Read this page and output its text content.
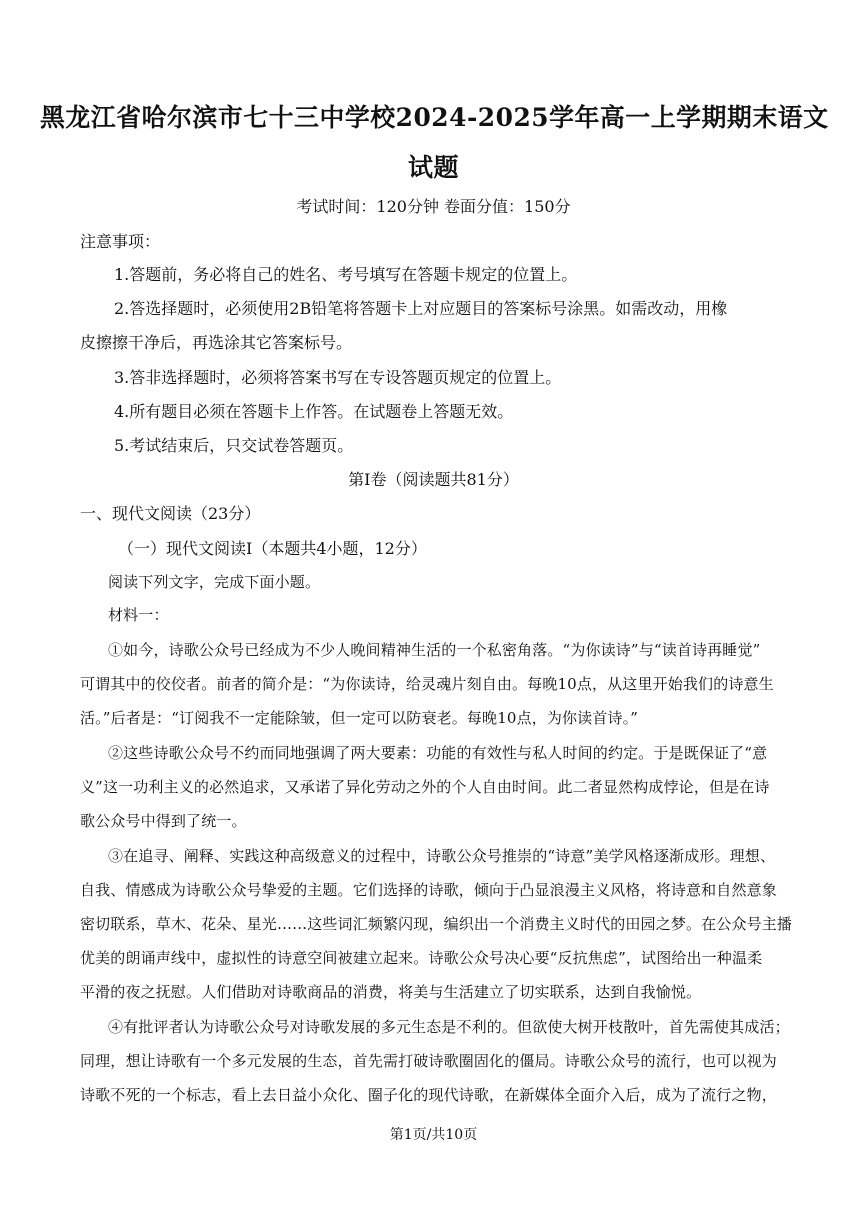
黑龙江省哈尔滨市七十三中学校2024-2025学年高一上学期期末语文
试题
考试时间：120分钟 卷面分值：150分
注意事项：
1.答题前，务必将自己的姓名、考号填写在答题卡规定的位置上。
2.答选择题时，必须使用2B铅笔将答题卡上对应题目的答案标号涂黑。如需改动，用橡
皮擦擦干净后，再选涂其它答案标号。
3.答非选择题时，必须将答案书写在专设答题页规定的位置上。
4.所有题目必须在答题卡上作答。在试题卷上答题无效。
5.考试结束后，只交试卷答题页。
第Ⅰ卷（阅读题共81分）
一、现代文阅读（23分）
（一）现代文阅读Ⅰ（本题共4小题，12分）
阅读下列文字，完成下面小题。
材料一：
①如今，诗歌公众号已经成为不少人晚间精神生活的一个私密角落。“为你读诗”与“读首诗再睡觉”
可谓其中的佼佼者。前者的简介是：“为你读诗，给灵魂片刻自由。每晚10点，从这里开始我们的诗意生
活。”后者是：“订阅我不一定能除皱，但一定可以防衰老。每晚10点，为你读首诗。”
②这些诗歌公众号不约而同地强调了两大要素：功能的有效性与私人时间的约定。于是既保证了“意
义”这一功利主义的必然追求，又承诺了异化劳动之外的个人自由时间。此二者显然构成悖论，但是在诗
歌公众号中得到了统一。
③在追寻、阐释、实践这种高级意义的过程中，诗歌公众号推崇的“诗意”美学风格逐渐成形。理想、
自我、情感成为诗歌公众号挚爱的主题。它们选择的诗歌，倾向于凸显浪漫主义风格，将诗意和自然意象
密切联系，草木、花朵、星光……这些词汇频繁闪现，编织出一个消费主义时代的田园之梦。在公众号主播
优美的朗诵声线中，虚拟性的诗意空间被建立起来。诗歌公众号决心要“反抗焦虑”，试图给出一种温柔
平滑的夜之抚慰。人们借助对诗歌商品的消费，将美与生活建立了切实联系，达到自我愉悦。
④有批评者认为诗歌公众号对诗歌发展的多元生态是不利的。但欲使大树开枝散叶，首先需使其成活；
同理，想让诗歌有一个多元发展的生态，首先需打破诗歌圈固化的僵局。诗歌公众号的流行，也可以视为
诗歌不死的一个标志，看上去日益小众化、圈子化的现代诗歌，在新媒体全面介入后，成为了流行之物，
第1页/共10页
